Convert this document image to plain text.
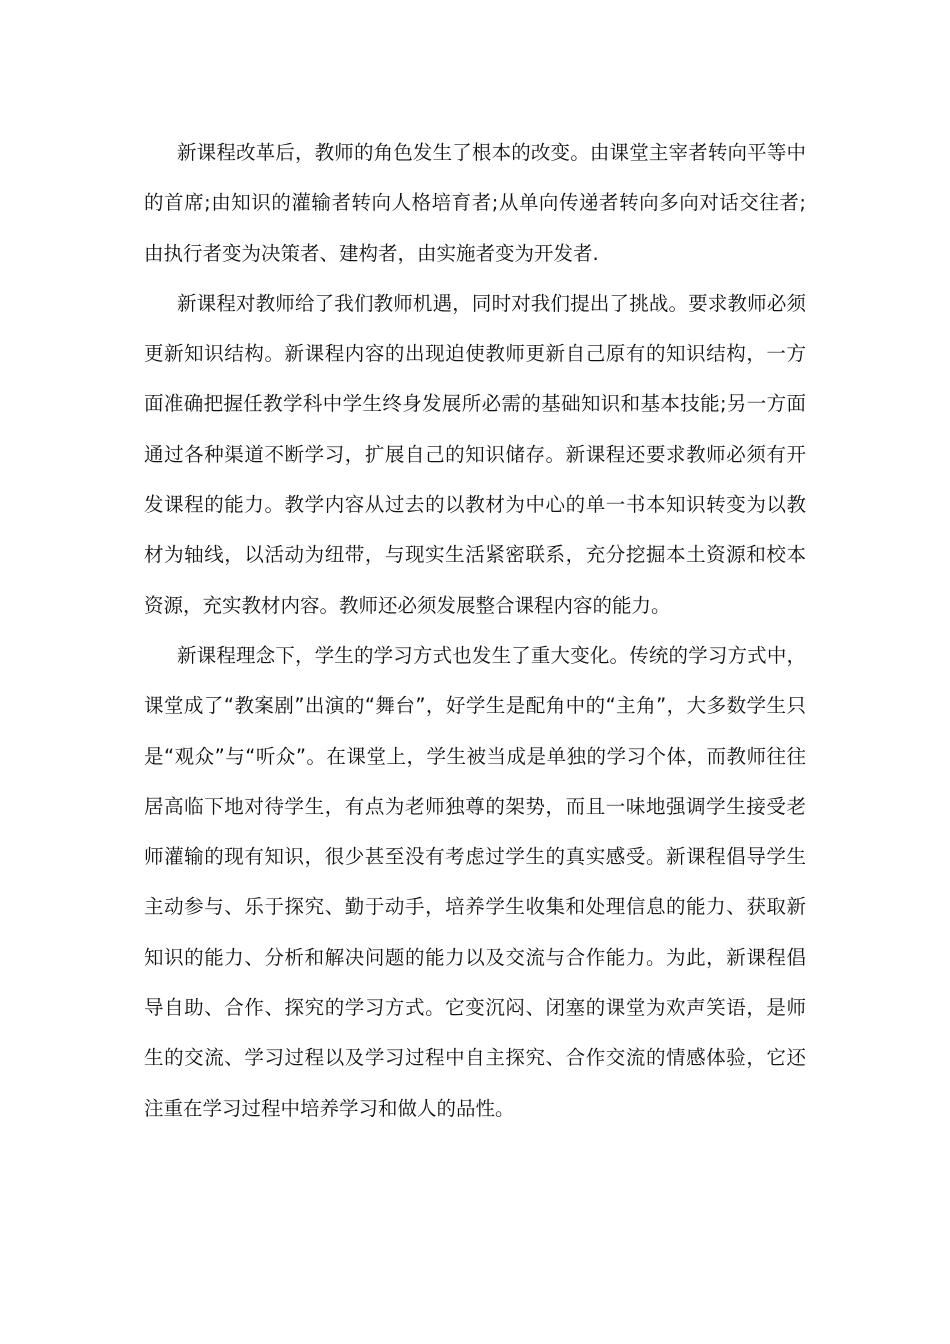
新课程改革后，教师的角色发生了根本的改变。由课堂主宰者转向平等中的首席;由知识的灌输者转向人格培育者;从单向传递者转向多向对话交往者;由执行者变为决策者、建构者，由实施者变为开发者.

新课程对教师给了我们教师机遇，同时对我们提出了挑战。要求教师必须更新知识结构。新课程内容的出现迫使教师更新自己原有的知识结构，一方面准确把握任教学科中学生终身发展所必需的基础知识和基本技能;另一方面通过各种渠道不断学习，扩展自己的知识储存。新课程还要求教师必须有开发课程的能力。教学内容从过去的以教材为中心的单一书本知识转变为以教材为轴线，以活动为纽带，与现实生活紧密联系，充分挖掘本土资源和校本资源，充实教材内容。教师还必须发展整合课程内容的能力。

新课程理念下，学生的学习方式也发生了重大变化。传统的学习方式中，课堂成了“教案剧”出演的“舞台”，好学生是配角中的“主角”，大多数学生只是“观众”与“听众”。在课堂上，学生被当成是单独的学习个体，而教师往往居高临下地对待学生，有点为老师独尊的架势，而且一味地强调学生接受老师灌输的现有知识，很少甚至没有考虑过学生的真实感受。新课程倡导学生主动参与、乐于探究、勤于动手，培养学生收集和处理信息的能力、获取新知识的能力、分析和解决问题的能力以及交流与合作能力。为此，新课程倡导自助、合作、探究的学习方式。它变沉闷、闭塞的课堂为欢声笑语，是师生的交流、学习过程以及学习过程中自主探究、合作交流的情感体验，它还注重在学习过程中培养学习和做人的品性。
